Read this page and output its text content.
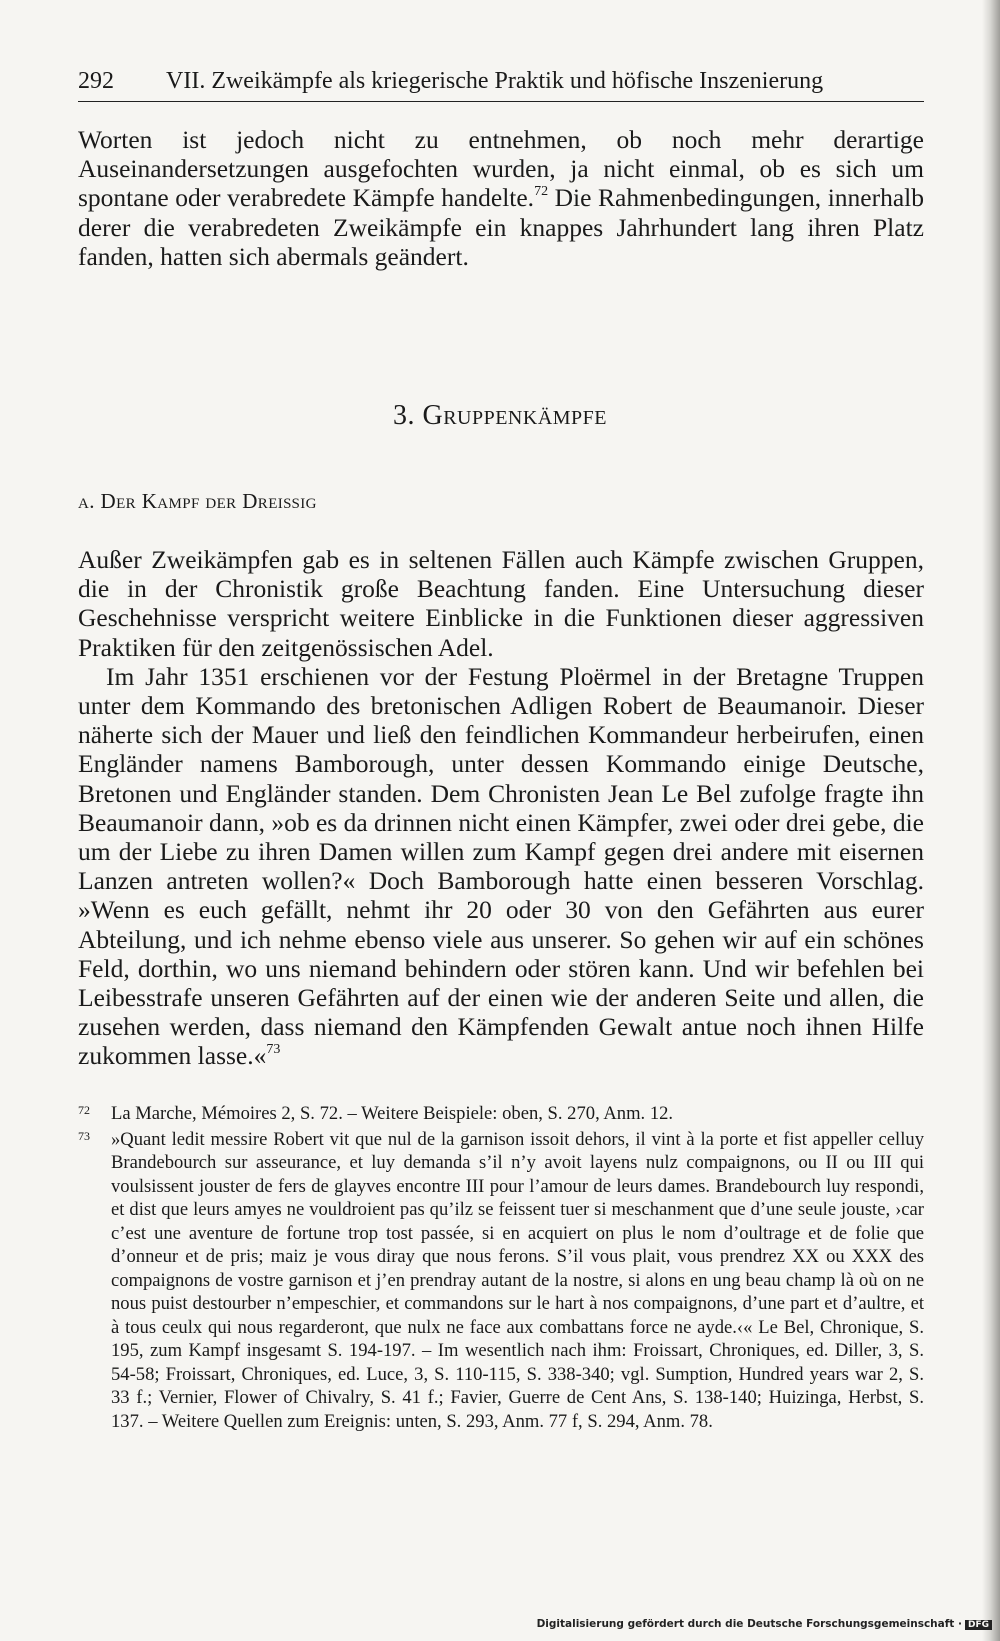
292 VII. Zweikämpfe als kriegerische Praktik und höfische Inszenierung

Worten ist jedoch nicht zu entnehmen, ob noch mehr derartige Auseinandersetzungen ausgefochten wurden, ja nicht einmal, ob es sich um spontane oder verabredete Kämpfe handelte.$^{72}$ Die Rahmenbedingungen, innerhalb derer die verabredeten Zweikämpfe ein knappes Jahrhundert lang ihren Platz fanden, hatten sich abermals geändert.

3. Gruppenkämpfe
a. Der Kampf der Dreißig

Außer Zweikämpfen gab es in seltenen Fällen auch Kämpfe zwischen Gruppen, die in der Chronistik große Beachtung fanden. Eine Untersuchung dieser Geschehnisse verspricht weitere Einblicke in die Funktionen dieser aggressiven Praktiken für den zeitgenössischen Adel.

Im Jahr 1351 erschienen vor der Festung Ploërmel in der Bretagne Truppen unter dem Kommando des bretonischen Adligen Robert de Beaumanoir. Dieser näherte sich der Mauer und ließ den feindlichen Kommandeur herbeirufen, einen Engländer namens Bamborough, unter dessen Kommando einige Deutsche, Bretonen und Engländer standen. Dem Chronisten Jean Le Bel zufolge fragte ihn Beaumanoir dann, »ob es da drinnen nicht einen Kämpfer, zwei oder drei gebe, die um der Liebe zu ihren Damen willen zum Kampf gegen drei andere mit eisernen Lanzen antreten wollen?« Doch Bamborough hatte einen besseren Vorschlag. »Wenn es euch gefällt, nehmt ihr 20 oder 30 von den Gefährten aus eurer Abteilung, und ich nehme ebenso viele aus unserer. So gehen wir auf ein schönes Feld, dorthin, wo uns niemand behindern oder stören kann. Und wir befehlen bei Leibesstrafe unseren Gefährten auf der einen wie der anderen Seite und allen, die zusehen werden, dass niemand den Kämpfenden Gewalt antue noch ihnen Hilfe zukommen lasse.«$^{73}$

72 La Marche, Mémoires 2, S. 72. – Weitere Beispiele: oben, S. 270, Anm. 12.
73 »Quant ledit messire Robert vit que nul de la garnison issoit dehors, il vint à la porte et fist appeller celluy Brandebourch sur asseurance, et luy demanda s’il n’y avoit layens nulz compaignons, ou II ou III qui voulsissent jouster de fers de glayves encontre III pour l’amour de leurs dames. Brandebourch luy respondi, et dist que leurs amyes ne vouldroient pas qu’ilz se feissent tuer si meschanment que d’une seule jouste, ›car c’est une aventure de fortune trop tost passée, si en acquiert on plus le nom d’oultrage et de folie que d’onneur et de pris; maiz je vous diray que nous ferons. S’il vous plait, vous prendrez XX ou XXX des compaignons de vostre garnison et j’en prendray autant de la nostre, si alons en ung beau champ là où on ne nous puist destourber n’empeschier, et commandons sur le hart à nos compaignons, d’une part et d’aultre, et à tous ceulx qui nous regarderont, que nulx ne face aux combattans force ne ayde.‹« Le Bel, Chronique, S. 195, zum Kampf insgesamt S. 194-197. – Im wesentlich nach ihm: Froissart, Chroniques, ed. Diller, 3, S. 54-58; Froissart, Chroniques, ed. Luce, 3, S. 110-115, S. 338-340; vgl. Sumption, Hundred years war 2, S. 33 f.; Vernier, Flower of Chivalry, S. 41 f.; Favier, Guerre de Cent Ans, S. 138-140; Huizinga, Herbst, S. 137. – Weitere Quellen zum Ereignis: unten, S. 293, Anm. 77 f, S. 294, Anm. 78.
Digitalisierung gefördert durch die Deutsche Forschungsgemeinschaft · DFG
